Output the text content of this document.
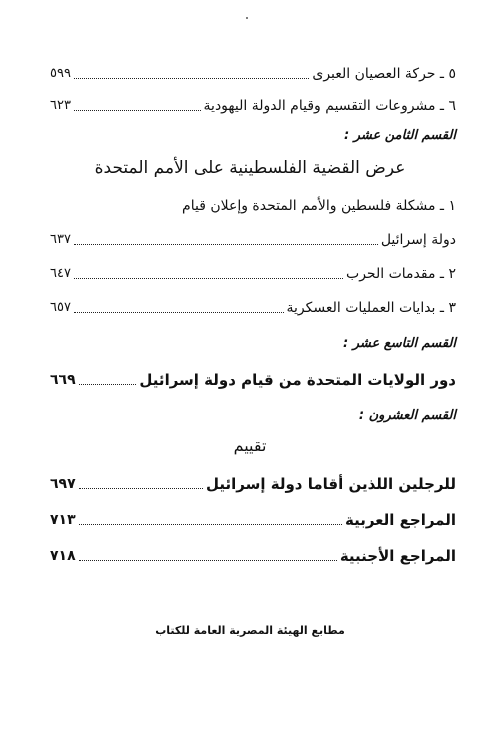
٥ ـ حركة العصيان العبرى
٥٩٩
٦ ـ مشروعات التقسيم وقيام الدولة اليهودية
٦٢٣
القسم الثامن عشر :
عرض القضية الفلسطينية على الأمم المتحدة
١ ـ مشكلة فلسطين والأمم المتحدة وإعلان قيام
دولة إسرائيل
٦٣٧
٢ ـ مقدمات الحرب
٦٤٧
٣ ـ بدايات العمليات العسكرية
٦٥٧
القسم التاسع عشر :
دور الولايات المتحدة من قيام دولة إسرائيل
٦٦٩
القسم العشرون :
تقييم
للرجلين اللذين أقاما دولة إسرائيل
٦٩٧
المراجع العربية
٧١٣
المراجع الأجنبية
٧١٨
مطابع الهيئة المصرية العامة للكتاب
